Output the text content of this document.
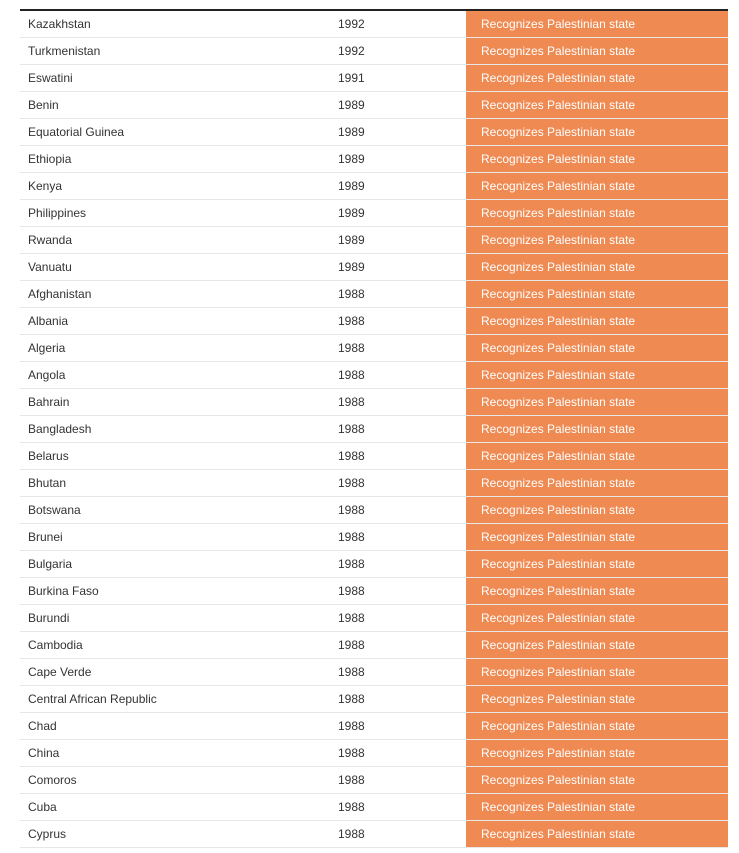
Kazakhstan	1992	Recognizes Palestinian state
Turkmenistan	1992	Recognizes Palestinian state
Eswatini	1991	Recognizes Palestinian state
Benin	1989	Recognizes Palestinian state
Equatorial Guinea	1989	Recognizes Palestinian state
Ethiopia	1989	Recognizes Palestinian state
Kenya	1989	Recognizes Palestinian state
Philippines	1989	Recognizes Palestinian state
Rwanda	1989	Recognizes Palestinian state
Vanuatu	1989	Recognizes Palestinian state
Afghanistan	1988	Recognizes Palestinian state
Albania	1988	Recognizes Palestinian state
Algeria	1988	Recognizes Palestinian state
Angola	1988	Recognizes Palestinian state
Bahrain	1988	Recognizes Palestinian state
Bangladesh	1988	Recognizes Palestinian state
Belarus	1988	Recognizes Palestinian state
Bhutan	1988	Recognizes Palestinian state
Botswana	1988	Recognizes Palestinian state
Brunei	1988	Recognizes Palestinian state
Bulgaria	1988	Recognizes Palestinian state
Burkina Faso	1988	Recognizes Palestinian state
Burundi	1988	Recognizes Palestinian state
Cambodia	1988	Recognizes Palestinian state
Cape Verde	1988	Recognizes Palestinian state
Central African Republic	1988	Recognizes Palestinian state
Chad	1988	Recognizes Palestinian state
China	1988	Recognizes Palestinian state
Comoros	1988	Recognizes Palestinian state
Cuba	1988	Recognizes Palestinian state
Cyprus	1988	Recognizes Palestinian state
